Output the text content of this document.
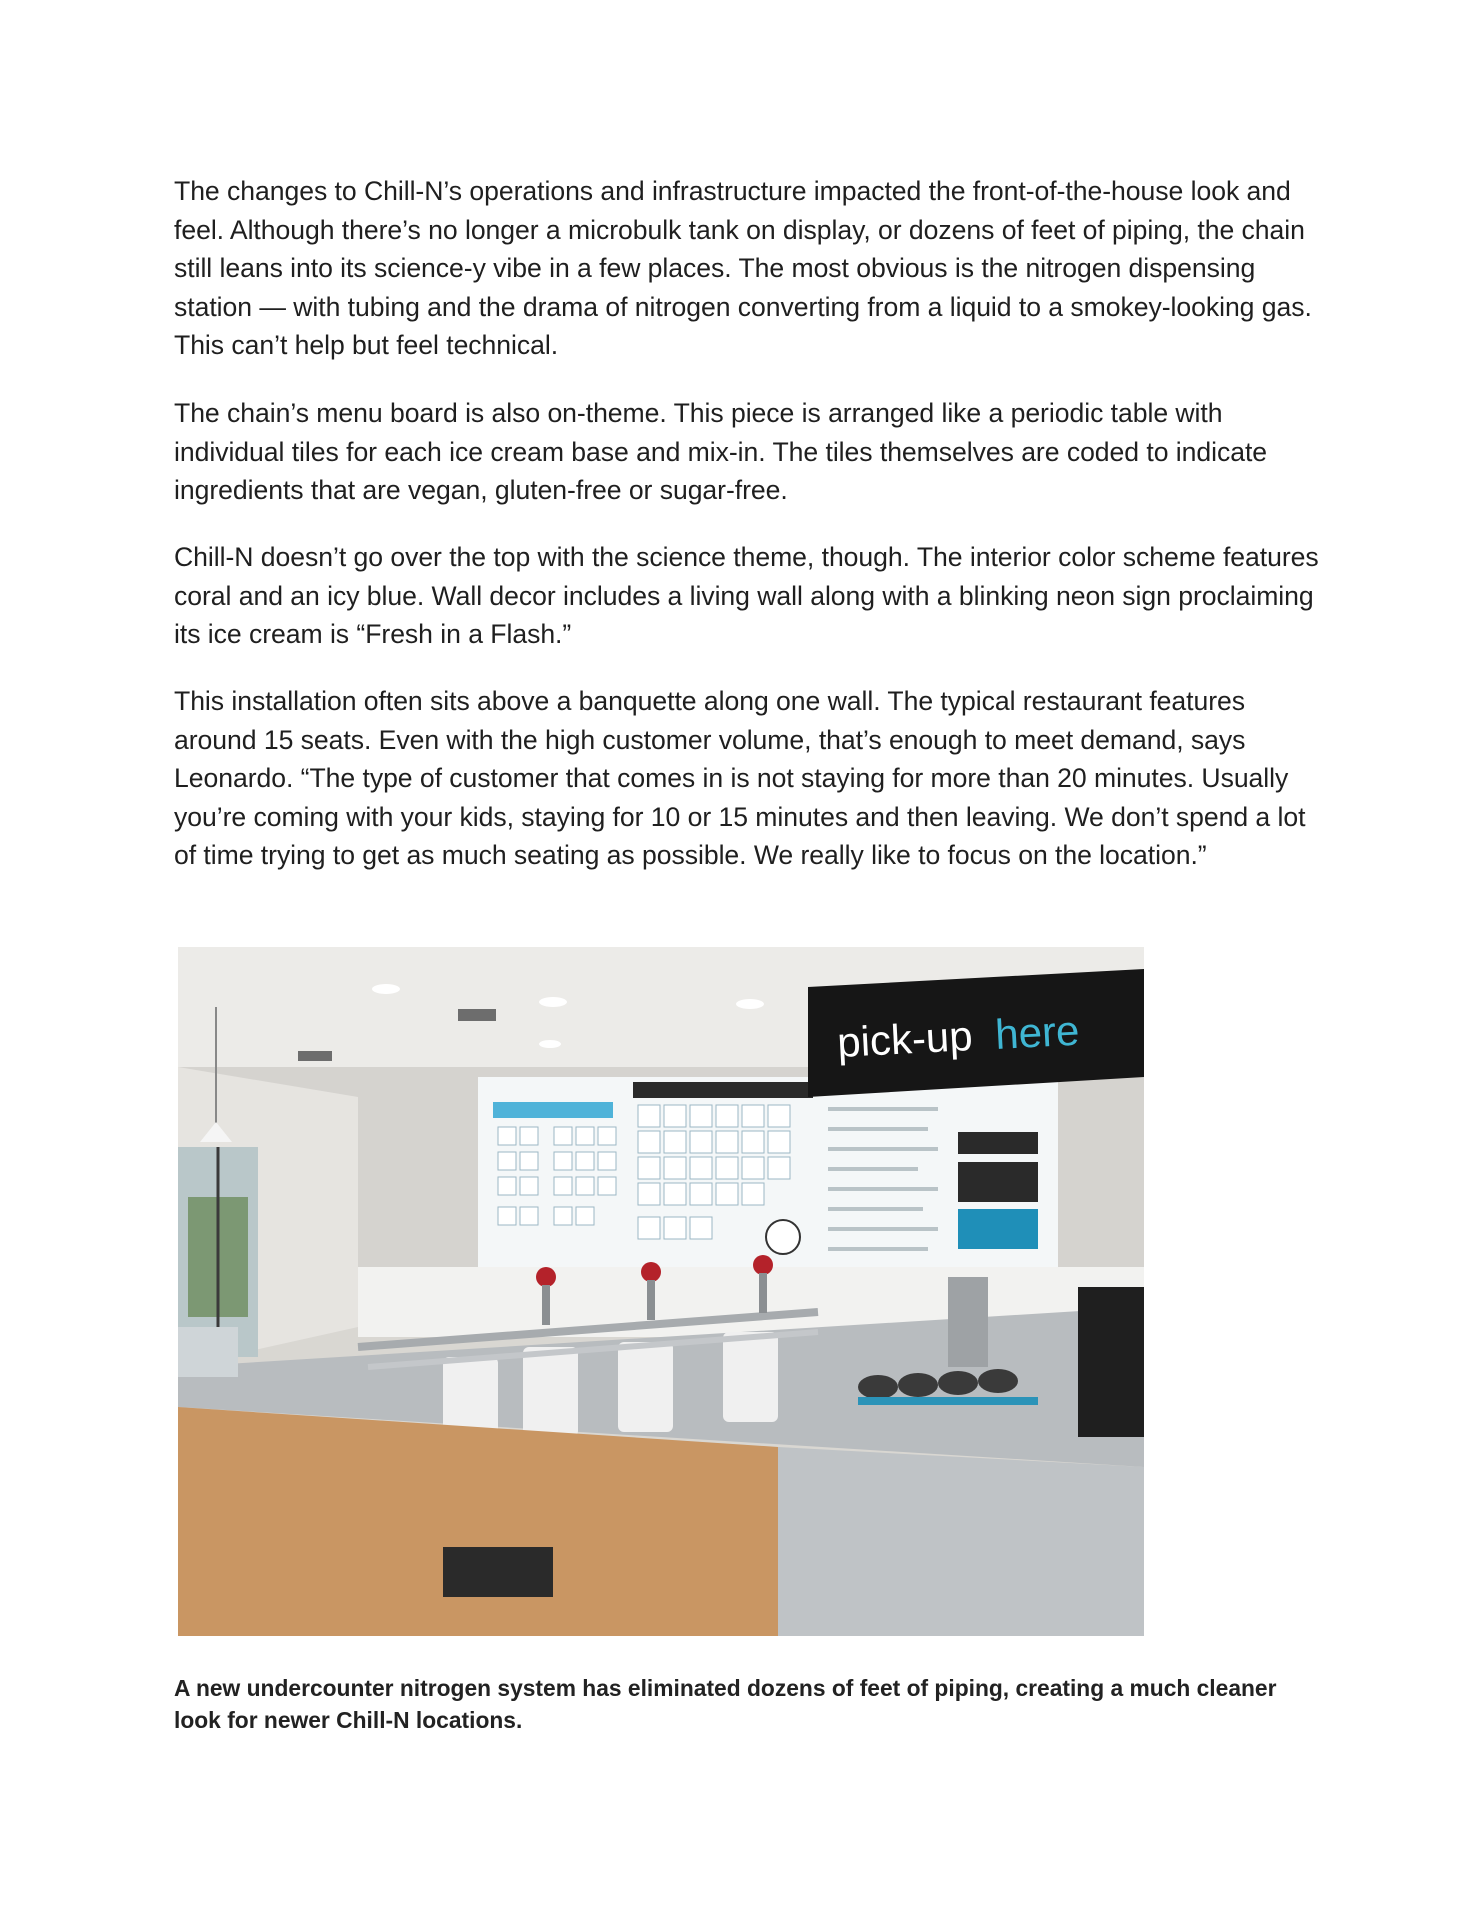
The changes to Chill-N’s operations and infrastructure impacted the front-of-the-house look and feel. Although there’s no longer a microbulk tank on display, or dozens of feet of piping, the chain still leans into its science-y vibe in a few places. The most obvious is the nitrogen dispensing station — with tubing and the drama of nitrogen converting from a liquid to a smokey-looking gas. This can’t help but feel technical.

The chain’s menu board is also on-theme. This piece is arranged like a periodic table with individual tiles for each ice cream base and mix-in. The tiles themselves are coded to indicate ingredients that are vegan, gluten-free or sugar-free.

Chill-N doesn’t go over the top with the science theme, though. The interior color scheme features coral and an icy blue. Wall decor includes a living wall along with a blinking neon sign proclaiming its ice cream is “Fresh in a Flash.”

This installation often sits above a banquette along one wall. The typical restaurant features around 15 seats. Even with the high customer volume, that’s enough to meet demand, says Leonardo. “The type of customer that comes in is not staying for more than 20 minutes. Usually you’re coming with your kids, staying for 10 or 15 minutes and then leaving. We don’t spend a lot of time trying to get as much seating as possible. We really like to focus on the location.”

pick-up here

A new undercounter nitrogen system has eliminated dozens of feet of piping, creating a much cleaner look for newer Chill-N locations.
